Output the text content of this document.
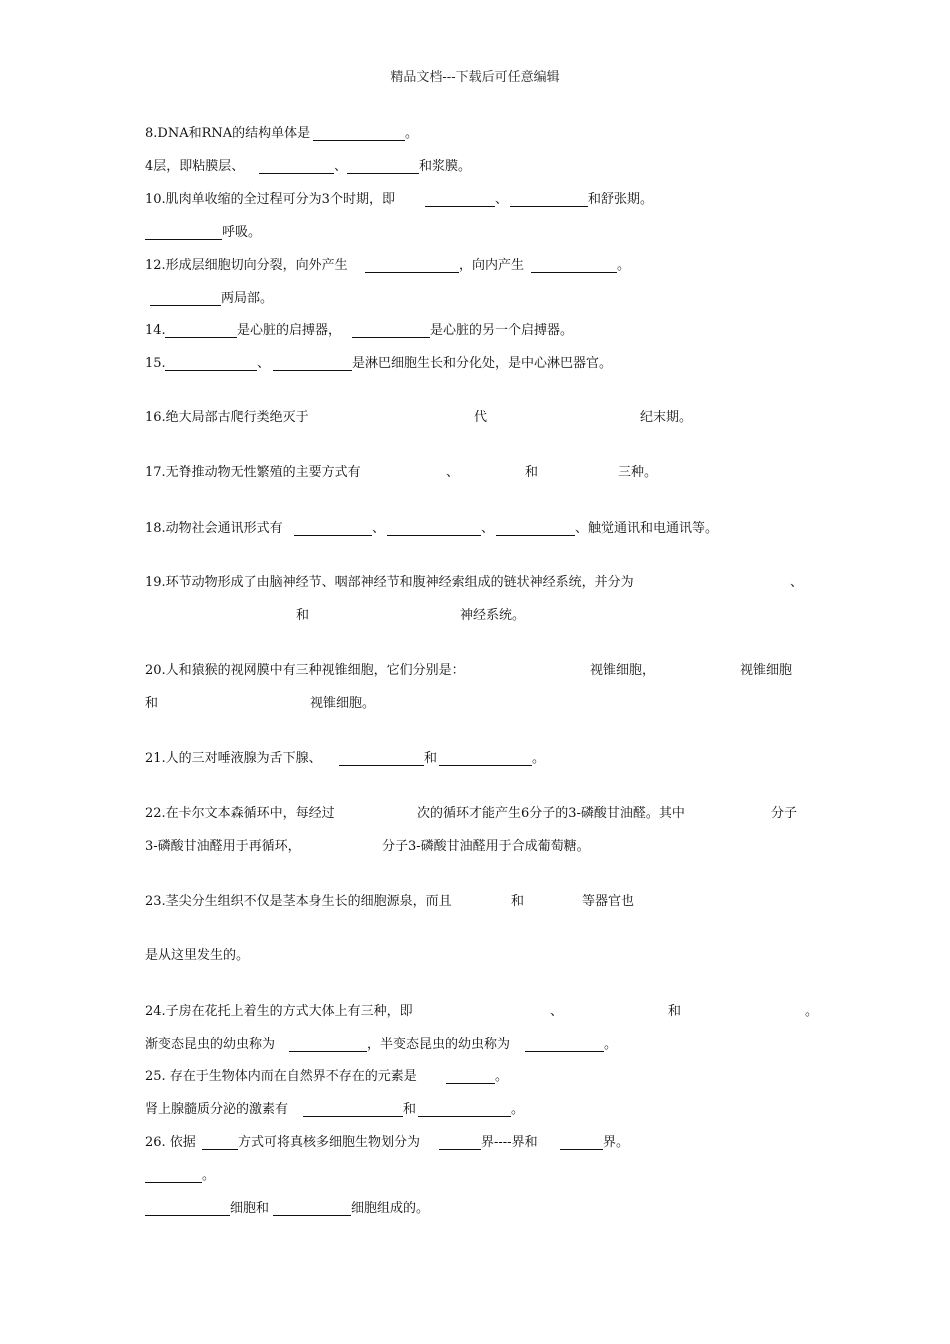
精品文档---下载后可任意编辑
8.DNA和RNA的结构单体是	。
4层，即粘膜层、	、	和浆膜。
10.肌肉单收缩的全过程可分为3个时期，即	、	和舒张期。
呼吸。
12.形成层细胞切向分裂，向外产生	，向内产生	。
两局部。
14.	是心脏的启搏器，	是心脏的另一个启搏器。
15.	、	是淋巴细胞生长和分化处，是中心淋巴器官。
16.绝大局部古爬行类绝灭于	代	纪末期。
17.无脊推动物无性繁殖的主要方式有	、	和	三种。
18.动物社会通讯形式有	、	、	、触觉通讯和电通讯等。
19.环节动物形成了由脑神经节、咽部神经节和腹神经索组成的链状神经系统，并分为	、
和	神经系统。
20.人和猿猴的视网膜中有三种视锥细胞，它们分别是：	视锥细胞，	视锥细胞
和	视锥细胞。
21.人的三对唾液腺为舌下腺、	和	。
22.在卡尔文本森循环中，每经过	次的循环才能产生6分子的3-磷酸甘油醛。其中	分子
3-磷酸甘油醛用于再循环，	分子3-磷酸甘油醛用于合成葡萄糖。
23.茎尖分生组织不仅是茎本身生长的细胞源泉，而且	和	等器官也
是从这里发生的。
24.子房在花托上着生的方式大体上有三种，即	、	和	。
渐变态昆虫的幼虫称为	，半变态昆虫的幼虫称为	。
25. 存在于生物体内而在自然界不存在的元素是	。
肾上腺髓质分泌的激素有	和	。
26. 依据	方式可将真核多细胞生物划分为	界----界和	界。
。
细胞和	细胞组成的。
